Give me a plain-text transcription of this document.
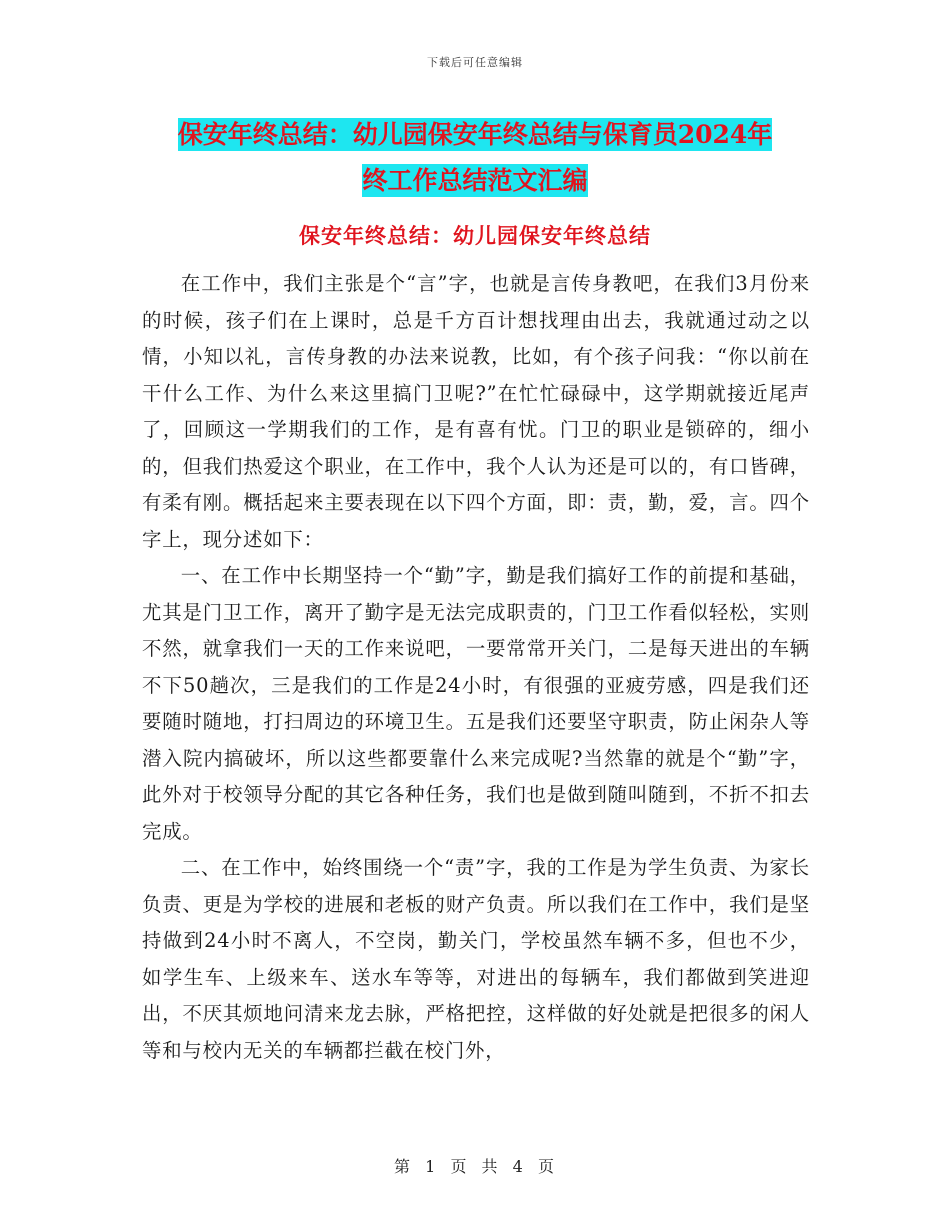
下载后可任意编辑
保安年终总结：幼儿园保安年终总结与保育员2024年
终工作总结范文汇编
保安年终总结：幼儿园保安年终总结

在工作中，我们主张是个“言”字，也就是言传身教吧，在我们3月份来的时候，孩子们在上课时，总是千方百计想找理由出去，我就通过动之以情，小知以礼，言传身教的办法来说教，比如，有个孩子问我：“你以前在干什么工作、为什么来这里搞门卫呢?”在忙忙碌碌中，这学期就接近尾声了，回顾这一学期我们的工作，是有喜有忧。门卫的职业是锁碎的，细小的，但我们热爱这个职业，在工作中，我个人认为还是可以的，有口皆碑，有柔有刚。概括起来主要表现在以下四个方面，即：责，勤，爱，言。四个字上，现分述如下：

一、在工作中长期坚持一个“勤”字，勤是我们搞好工作的前提和基础，尤其是门卫工作，离开了勤字是无法完成职责的，门卫工作看似轻松，实则不然，就拿我们一天的工作来说吧，一要常常开关门，二是每天进出的车辆不下50趟次，三是我们的工作是24小时，有很强的亚疲劳感，四是我们还要随时随地，打扫周边的环境卫生。五是我们还要坚守职责，防止闲杂人等潜入院内搞破坏，所以这些都要靠什么来完成呢?当然靠的就是个“勤”字，此外对于校领导分配的其它各种任务，我们也是做到随叫随到，不折不扣去完成。

二、在工作中，始终围绕一个“责”字，我的工作是为学生负责、为家长负责、更是为学校的进展和老板的财产负责。所以我们在工作中，我们是坚持做到24小时不离人，不空岗，勤关门，学校虽然车辆不多，但也不少，如学生车、上级来车、送水车等等，对进出的每辆车，我们都做到笑进迎出，不厌其烦地问清来龙去脉，严格把控，这样做的好处就是把很多的闲人等和与校内无关的车辆都拦截在校门外，

第 1 页 共 4 页
